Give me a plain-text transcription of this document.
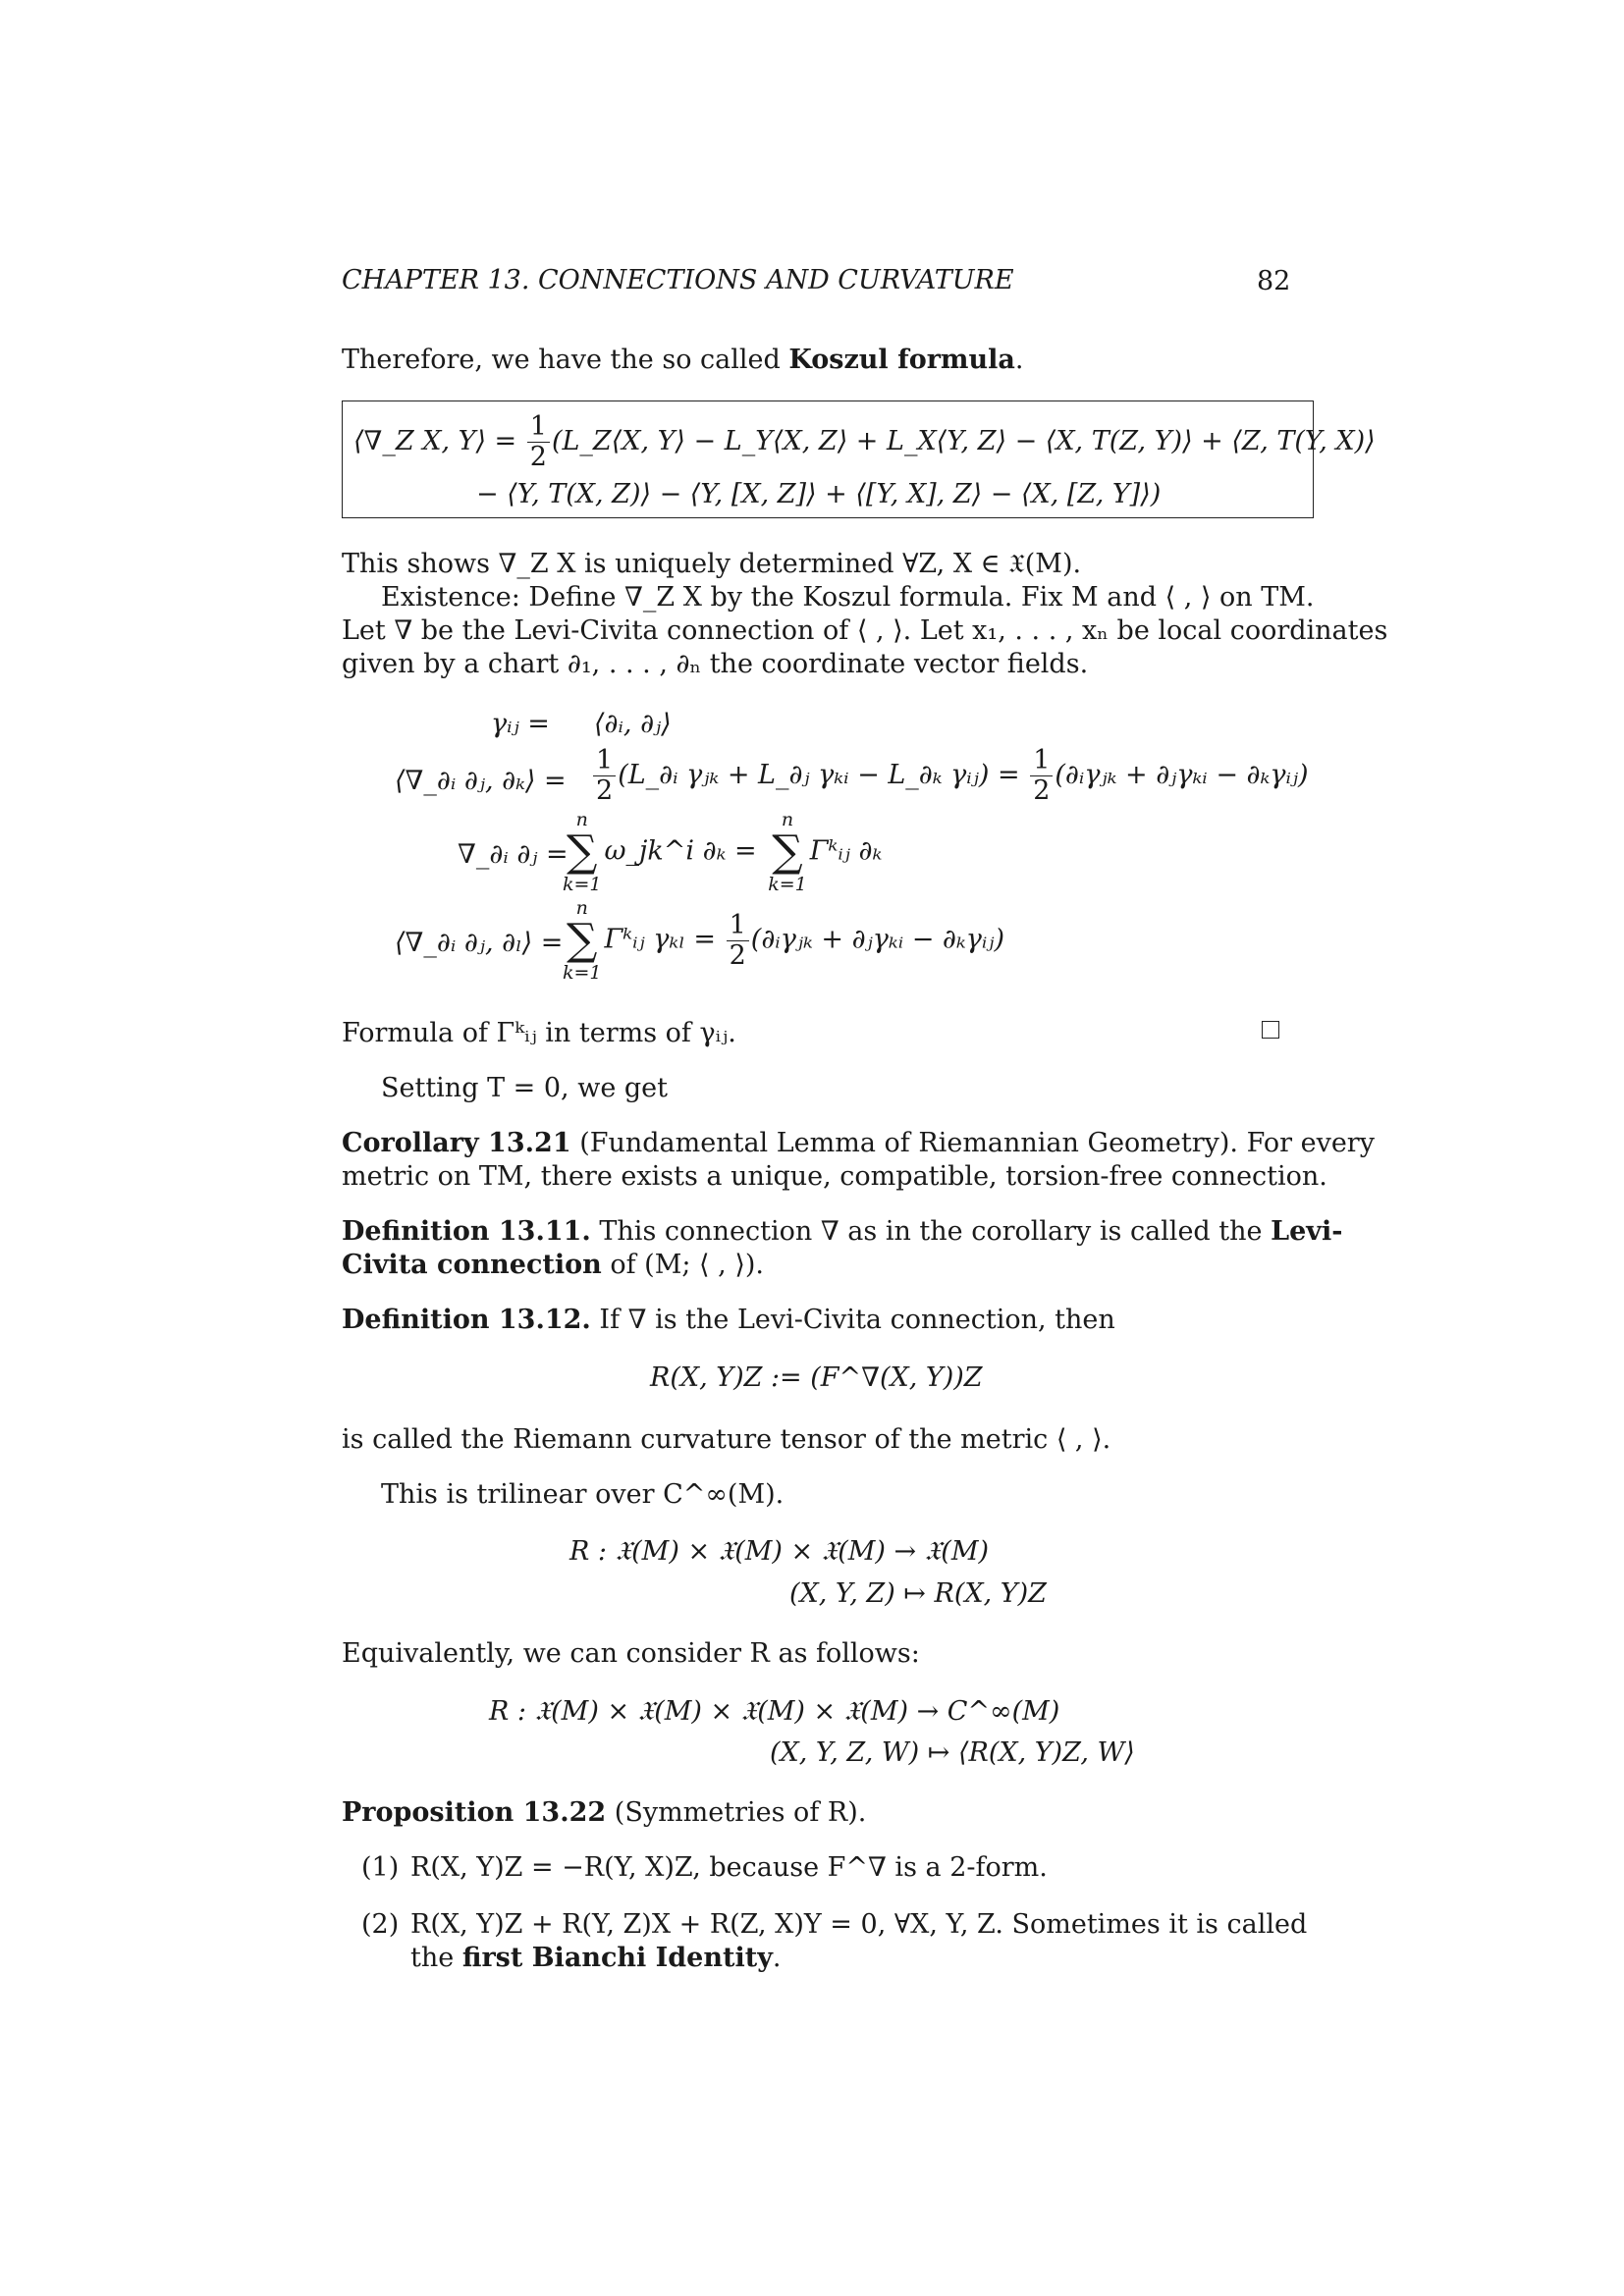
CHAPTER 13. CONNECTIONS AND CURVATURE	82
Therefore, we have the so called Koszul formula.
⟨∇_Z X, Y⟩ = $\frac{1}{2}$ (L_Z⟨X, Y⟩ − L_Y⟨X, Z⟩ + L_X⟨Y, Z⟩ − ⟨X, T(Z, Y)⟩ + ⟨Z, T(Y, X)⟩
− ⟨Y, T(X, Z)⟩ − ⟨Y, [X, Z]⟩ + ⟨[Y, X], Z⟩ − ⟨X, [Z, Y]⟩)
This shows ∇_Z X is uniquely determined ∀Z, X ∈ 𝔛(M).
Existence: Define ∇_Z X by the Koszul formula. Fix M and ⟨ , ⟩ on TM.
Let ∇ be the Levi-Civita connection of ⟨ , ⟩. Let x₁, . . . , xₙ be local coordinates
given by a chart ∂₁, . . . , ∂ₙ the coordinate vector fields.
γᵢⱼ = ⟨∂ᵢ, ∂ⱼ⟩
⟨∇_∂ᵢ ∂ⱼ, ∂ₖ⟩ = $\frac{1}{2}$ (L_∂ᵢ γⱼₖ + L_∂ⱼ γₖᵢ − L_∂ₖ γᵢⱼ) = $\frac{1}{2}$ (∂ᵢγⱼₖ + ∂ⱼγₖᵢ − ∂ₖγᵢⱼ)
∇_∂ᵢ ∂ⱼ =
n
∑
k=1
ω_jk^i ∂ₖ =
n
∑
k=1
Γᵏᵢⱼ ∂ₖ
⟨∇_∂ᵢ ∂ⱼ, ∂ₗ⟩ =
n
∑
k=1
Γᵏᵢⱼ $\gamma_{kl} = \frac{1}{2}$ (∂ᵢγⱼₖ + ∂ⱼγₖᵢ − ∂ₖγᵢⱼ)
Formula of Γᵏᵢⱼ in terms of γᵢⱼ.
Setting T = 0, we get
Corollary 13.21 (Fundamental Lemma of Riemannian Geometry). For every
metric on TM, there exists a unique, compatible, torsion-free connection.
Definition 13.11. This connection ∇ as in the corollary is called the Levi-
Civita connection of (M; ⟨ , ⟩).
Definition 13.12. If ∇ is the Levi-Civita connection, then
R(X, Y)Z := (F^∇(X, Y))Z
is called the Riemann curvature tensor of the metric ⟨ , ⟩.
This is trilinear over C^∞(M).
R : 𝔛(M) × 𝔛(M) × 𝔛(M) → 𝔛(M)
(X, Y, Z) ↦ R(X, Y)Z
Equivalently, we can consider R as follows:
R : 𝔛(M) × 𝔛(M) × 𝔛(M) × 𝔛(M) → C^∞(M)
(X, Y, Z, W) ↦ ⟨R(X, Y)Z, W⟩
Proposition 13.22 (Symmetries of R).
(1) R(X, Y)Z = −R(Y, X)Z, because F^∇ is a 2-form.
(2) R(X, Y)Z + R(Y, Z)X + R(Z, X)Y = 0, ∀X, Y, Z. Sometimes it is called
the first Bianchi Identity.
